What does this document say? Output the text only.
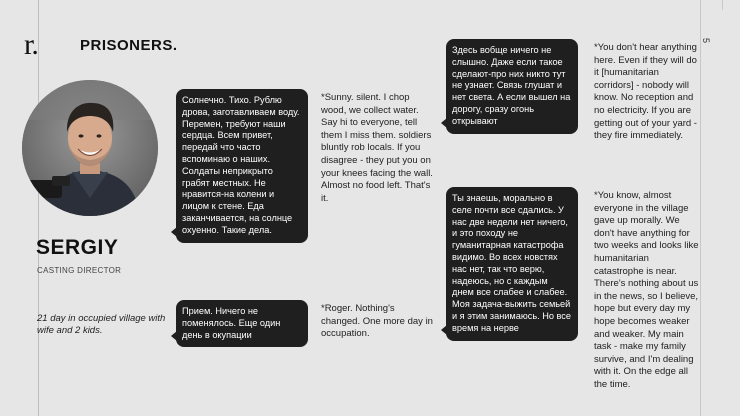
r.	PRISONERS.	5
SERGIY
CASTING DIRECTOR
21 day in occupied village with wife and 2 kids.
Солнечно. Тихо. Рублю дрова, заготавливаем воду. Перемен, требуют наши сердца. Всем привет, передай что часто вспоминаю о наших. Солдаты неприкрыто грабят местных. Не нравится-на колени и лицом к стене. Еда заканчивается, на солнце охуенно. Такие дела.
*Sunny. silent. I chop wood, we collect water. Say hi to everyone, tell them I miss them. soldiers bluntly rob locals. If you disagree - they put you on your knees facing the wall. Almost no food left. That's it.
Прием. Ничего не поменялось. Еще один день в окупации
*Roger. Nothing's changed. One more day in occupation.
Здесь вобще ничего не слышно. Даже если такое сделают-про них никто тут не узнает. Связь глушат и нет света. А если вышел на дорогу, сразу огонь открывают
*You don't hear anything here. Even if they will do it [humanitarian corridors] - nobody will know. No reception and no electricity. If you are getting out of your yard - they fire immediately.
Ты знаешь, морально в селе почти все сдались. У нас две недели нет ничего, и это походу не гуманитарная катастрофа видимо. Во всех новстях нас нет, так что верю, надеюсь, но с каждым днем все слабее и слабее. Моя задача-выжить семьей и я этим занимаюсь. Но все время на нерве
*You know, almost everyone in the village gave up morally. We don't have anything for two weeks and looks like humanitarian catastrophe is near. There's nothing about us in the news, so I believe, hope but every day my hope becomes weaker and weaker. My main task - make my family survive, and I'm dealing with it. On the edge all the time.
